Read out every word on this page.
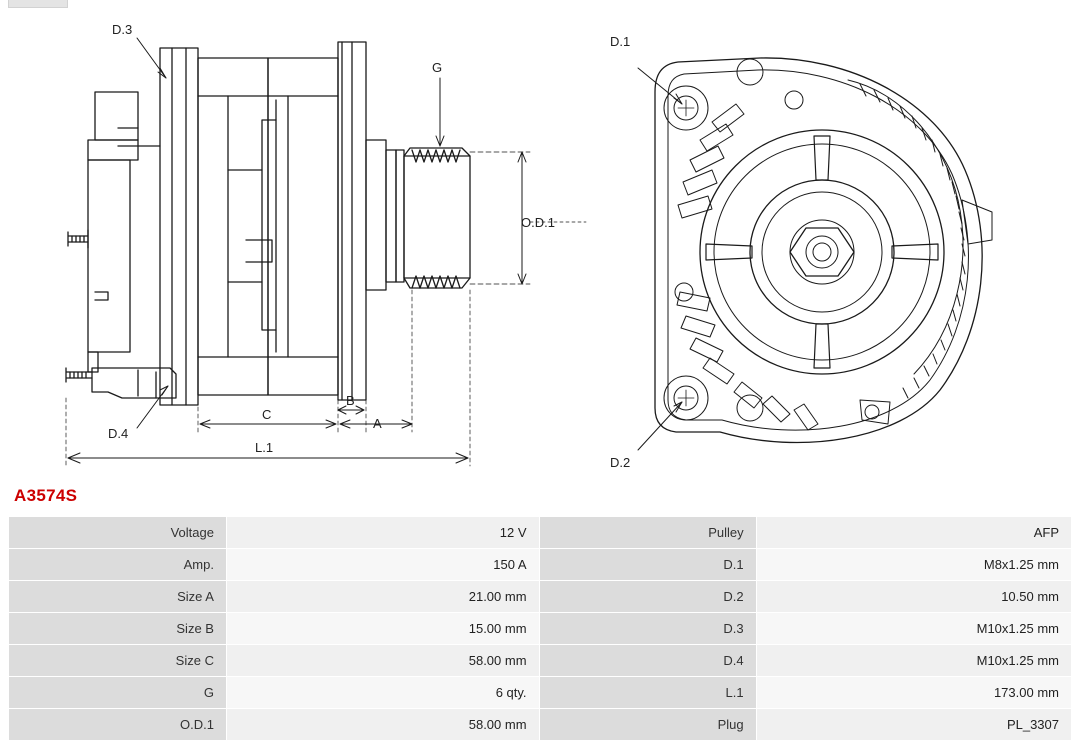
D.3
D.4
G
O.D.1
C
B
A
L.1
D.1
D.2
A3574S
Voltage	12 V	Pulley	AFP
Amp.	150 A	D.1	M8x1.25 mm
Size A	21.00 mm	D.2	10.50 mm
Size B	15.00 mm	D.3	M10x1.25 mm
Size C	58.00 mm	D.4	M10x1.25 mm
G	6 qty.	L.1	173.00 mm
O.D.1	58.00 mm	Plug	PL_3307
